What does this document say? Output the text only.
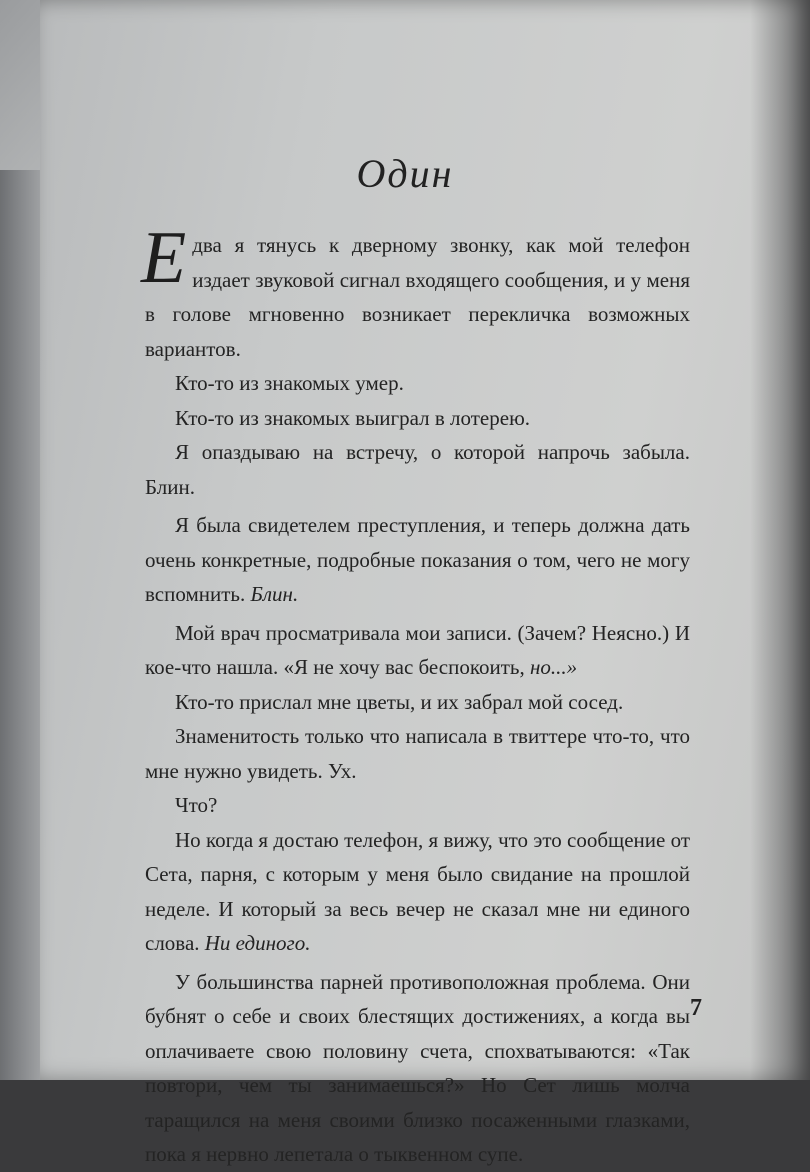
Один

Едва я тянусь к дверному звонку, как мой телефон издает звуковой сигнал входящего сообщения, и у меня в голове мгновенно возникает перекличка возможных вариантов.

Кто-то из знакомых умер.

Кто-то из знакомых выиграл в лотерею.

Я опаздываю на встречу, о которой напрочь забыла. Блин.

Я была свидетелем преступления, и теперь должна дать очень конкретные, подробные показания о том, чего не могу вспомнить. Блин.

Мой врач просматривала мои записи. (Зачем? Неясно.) И кое-что нашла. «Я не хочу вас беспокоить, но...»

Кто-то прислал мне цветы, и их забрал мой сосед.

Знаменитость только что написала в твиттере что-то, что мне нужно увидеть. Ух.

Что?

Но когда я достаю телефон, я вижу, что это сообщение от Сета, парня, с которым у меня было свидание на прошлой неделе. И который за весь вечер не сказал мне ни единого слова. Ни единого.

У большинства парней противоположная проблема. Они бубнят о себе и своих блестящих достижениях, а когда вы оплачиваете свою половину счета, спохватываются: «Так повтори, чем ты занимаешься?» Но Сет лишь молча таращился на меня своими близко посаженными глазками, пока я нервно лепетала о тыквенном супе.

7
